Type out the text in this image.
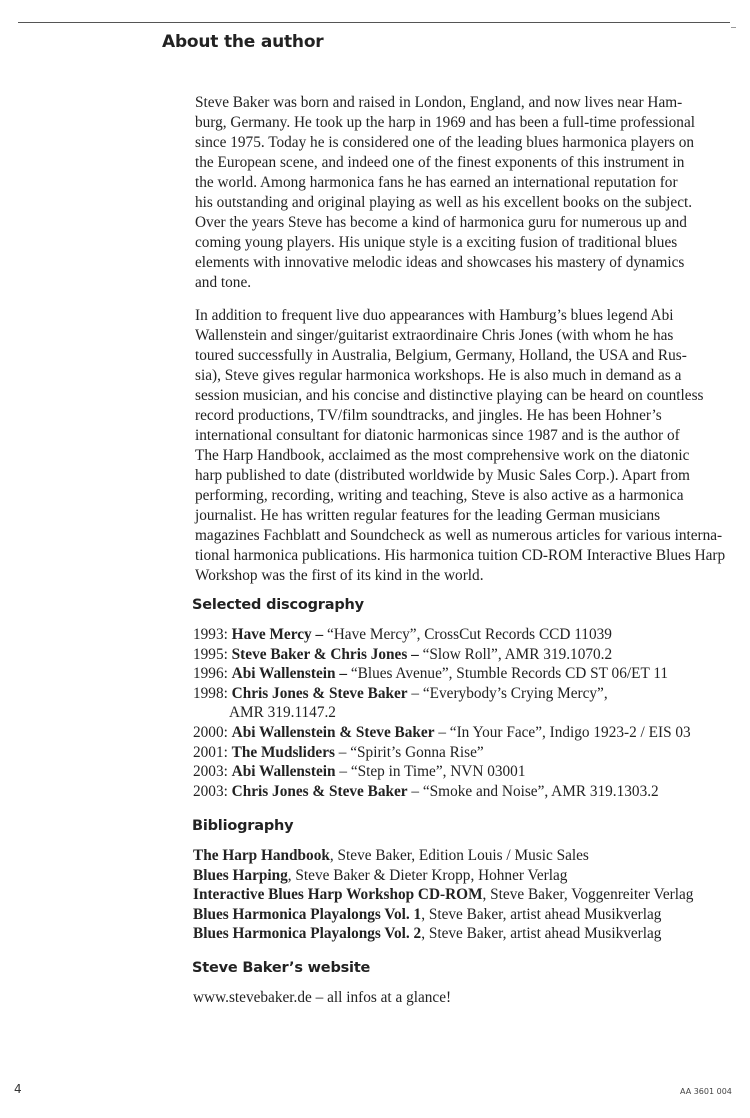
About the author
Steve Baker was born and raised in London, England, and now lives near Ham-
burg, Germany. He took up the harp in 1969 and has been a full-time professional
since 1975. Today he is considered one of the leading blues harmonica players on
the European scene, and indeed one of the finest exponents of this instrument in
the world. Among harmonica fans he has earned an international reputation for
his outstanding and original playing as well as his excellent books on the subject.
Over the years Steve has become a kind of harmonica guru for numerous up and
coming young players. His unique style is a exciting fusion of traditional blues
elements with innovative melodic ideas and showcases his mastery of dynamics
and tone.
In addition to frequent live duo appearances with Hamburg’s blues legend Abi
Wallenstein and singer/guitarist extraordinaire Chris Jones (with whom he has
toured successfully in Australia, Belgium, Germany, Holland, the USA and Rus-
sia), Steve gives regular harmonica workshops. He is also much in demand as a
session musician, and his concise and distinctive playing can be heard on countless
record productions, TV/film soundtracks, and jingles. He has been Hohner’s
international consultant for diatonic harmonicas since 1987 and is the author of
The Harp Handbook, acclaimed as the most comprehensive work on the diatonic
harp published to date (distributed worldwide by Music Sales Corp.). Apart from
performing, recording, writing and teaching, Steve is also active as a harmonica
journalist. He has written regular features for the leading German musicians
magazines Fachblatt and Soundcheck as well as numerous articles for various interna-
tional harmonica publications. His harmonica tuition CD-ROM Interactive Blues Harp
Workshop was the first of its kind in the world.
Selected discography
1993: Have Mercy – “Have Mercy”, CrossCut Records CCD 11039
1995: Steve Baker & Chris Jones – “Slow Roll”, AMR 319.1070.2
1996: Abi Wallenstein – “Blues Avenue”, Stumble Records CD ST 06/ET 11
1998: Chris Jones & Steve Baker – “Everybody’s Crying Mercy”,
AMR 319.1147.2
2000: Abi Wallenstein & Steve Baker – “In Your Face”, Indigo 1923-2 / EIS 03
2001: The Mudsliders – “Spirit’s Gonna Rise”
2003: Abi Wallenstein – “Step in Time”, NVN 03001
2003: Chris Jones & Steve Baker – “Smoke and Noise”, AMR 319.1303.2
Bibliography
The Harp Handbook, Steve Baker, Edition Louis / Music Sales
Blues Harping, Steve Baker & Dieter Kropp, Hohner Verlag
Interactive Blues Harp Workshop CD-ROM, Steve Baker, Voggenreiter Verlag
Blues Harmonica Playalongs Vol. 1, Steve Baker, artist ahead Musikverlag
Blues Harmonica Playalongs Vol. 2, Steve Baker, artist ahead Musikverlag
Steve Baker’s website
www.stevebaker.de – all infos at a glance!
4	AA 3601 004
